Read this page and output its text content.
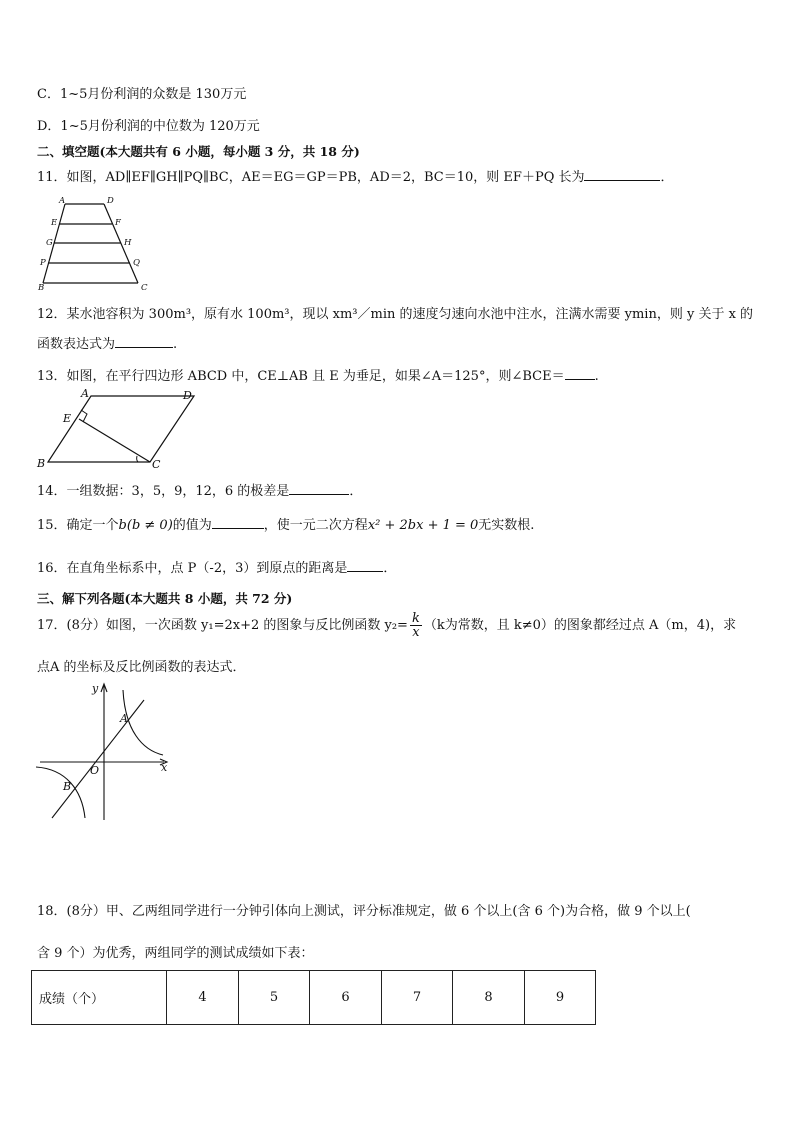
C．1~5月份利润的众数是 130万元
D．1~5月份利润的中位数为 120万元
二、填空题(本大题共有 6 小题，每小题 3 分，共 18 分)
11．如图，AD∥EF∥GH∥PQ∥BC，AE＝EG＝GP＝PB，AD＝2，BC＝10，则 EF＋PQ 长为	．
A	D
E	F
G	H
P	Q
B	C
12．某水池容积为 300m³，原有水 100m³，现以 xm³／min 的速度匀速向水池中注水，注满水需要 ymin，则 y 关于 x 的
函数表达式为	.
13．如图，在平行四边形 ABCD 中，CE⊥AB 且 E 为垂足，如果∠A＝125°，则∠BCE＝ .
A	D
E
B	C
14．一组数据：3，5，9，12，6 的极差是	．
15．确定一个b(b ≠ 0)的值为	，使一元二次方程x² + 2bx + 1 = 0无实数根.
16．在直角坐标系中，点 P（-2，3）到原点的距离是	．
三、解下列各题(本大题共 8 小题，共 72 分)
17．(8分）如图，一次函数 y₁=2x+2 的图象与反比例函数 $y_2= \frac{k}{x} (k$为常数，且 k≠0）的图象都经过点 A（m，4)，求
点A 的坐标及反比例函数的表达式．
y
x
O
A
B
18．(8分）甲、乙两组同学进行一分钟引体向上测试，评分标准规定，做 6 个以上(含 6 个)为合格，做 9 个以上(
含 9 个）为优秀，两组同学的测试成绩如下表：
成绩（个）	4	5	6	7	8	9
